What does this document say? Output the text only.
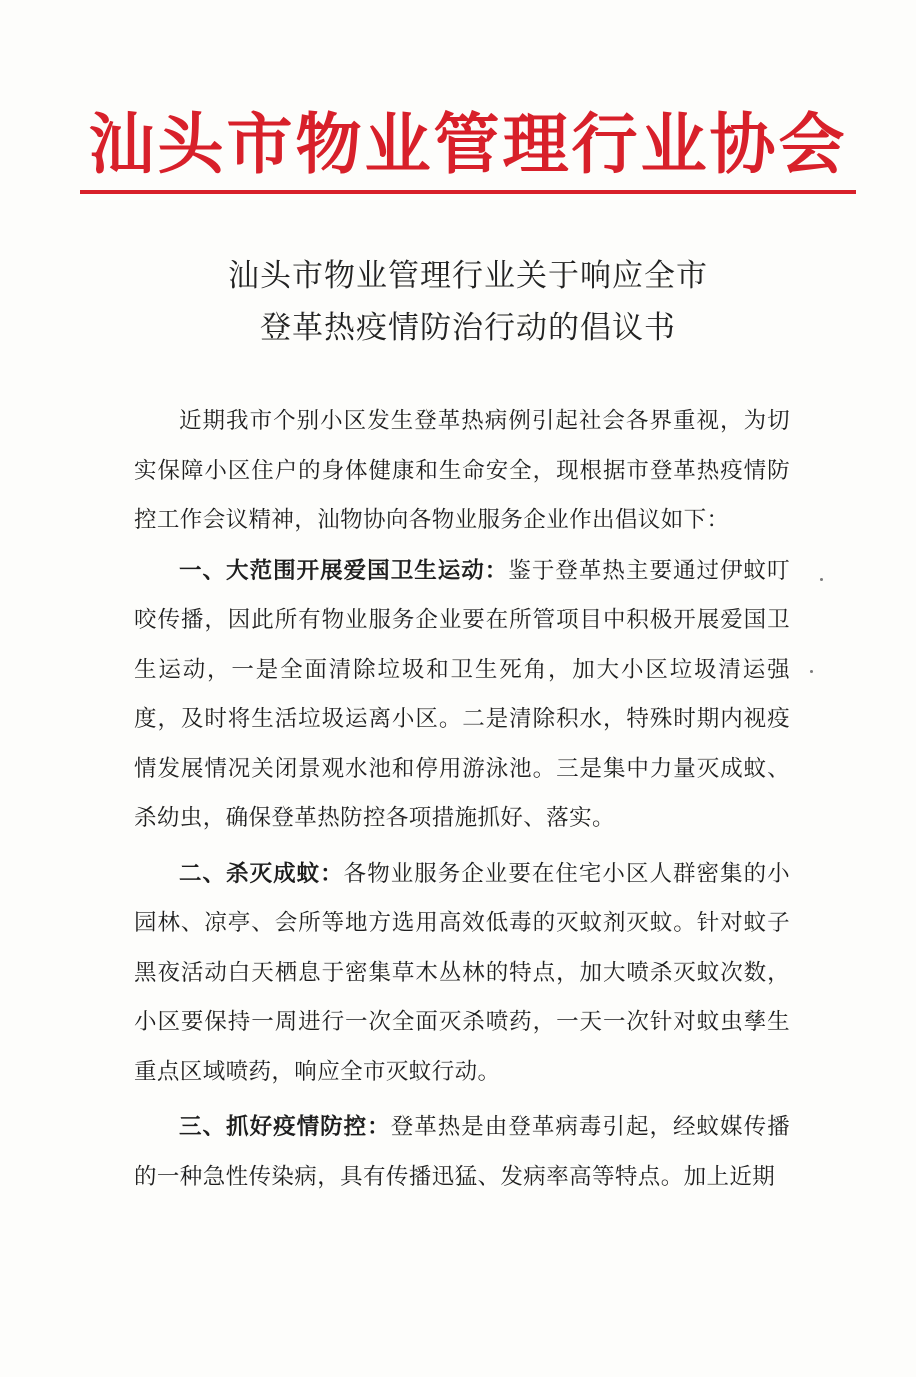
汕头市物业管理行业协会
汕头市物业管理行业关于响应全市
登革热疫情防治行动的倡议书

近期我市个别小区发生登革热病例引起社会各界重视，为切实保障小区住户的身体健康和生命安全，现根据市登革热疫情防控工作会议精神，汕物协向各物业服务企业作出倡议如下：

一、大范围开展爱国卫生运动：鉴于登革热主要通过伊蚊叮咬传播，因此所有物业服务企业要在所管项目中积极开展爱国卫生运动，一是全面清除垃圾和卫生死角，加大小区垃圾清运强度，及时将生活垃圾运离小区。二是清除积水，特殊时期内视疫情发展情况关闭景观水池和停用游泳池。三是集中力量灭成蚊、杀幼虫，确保登革热防控各项措施抓好、落实。

二、杀灭成蚊：各物业服务企业要在住宅小区人群密集的小园林、凉亭、会所等地方选用高效低毒的灭蚊剂灭蚊。针对蚊子黑夜活动白天栖息于密集草木丛林的特点，加大喷杀灭蚊次数，小区要保持一周进行一次全面灭杀喷药，一天一次针对蚊虫孳生重点区域喷药，响应全市灭蚊行动。

三、抓好疫情防控：登革热是由登革病毒引起，经蚊媒传播的一种急性传染病，具有传播迅猛、发病率高等特点。加上近期
